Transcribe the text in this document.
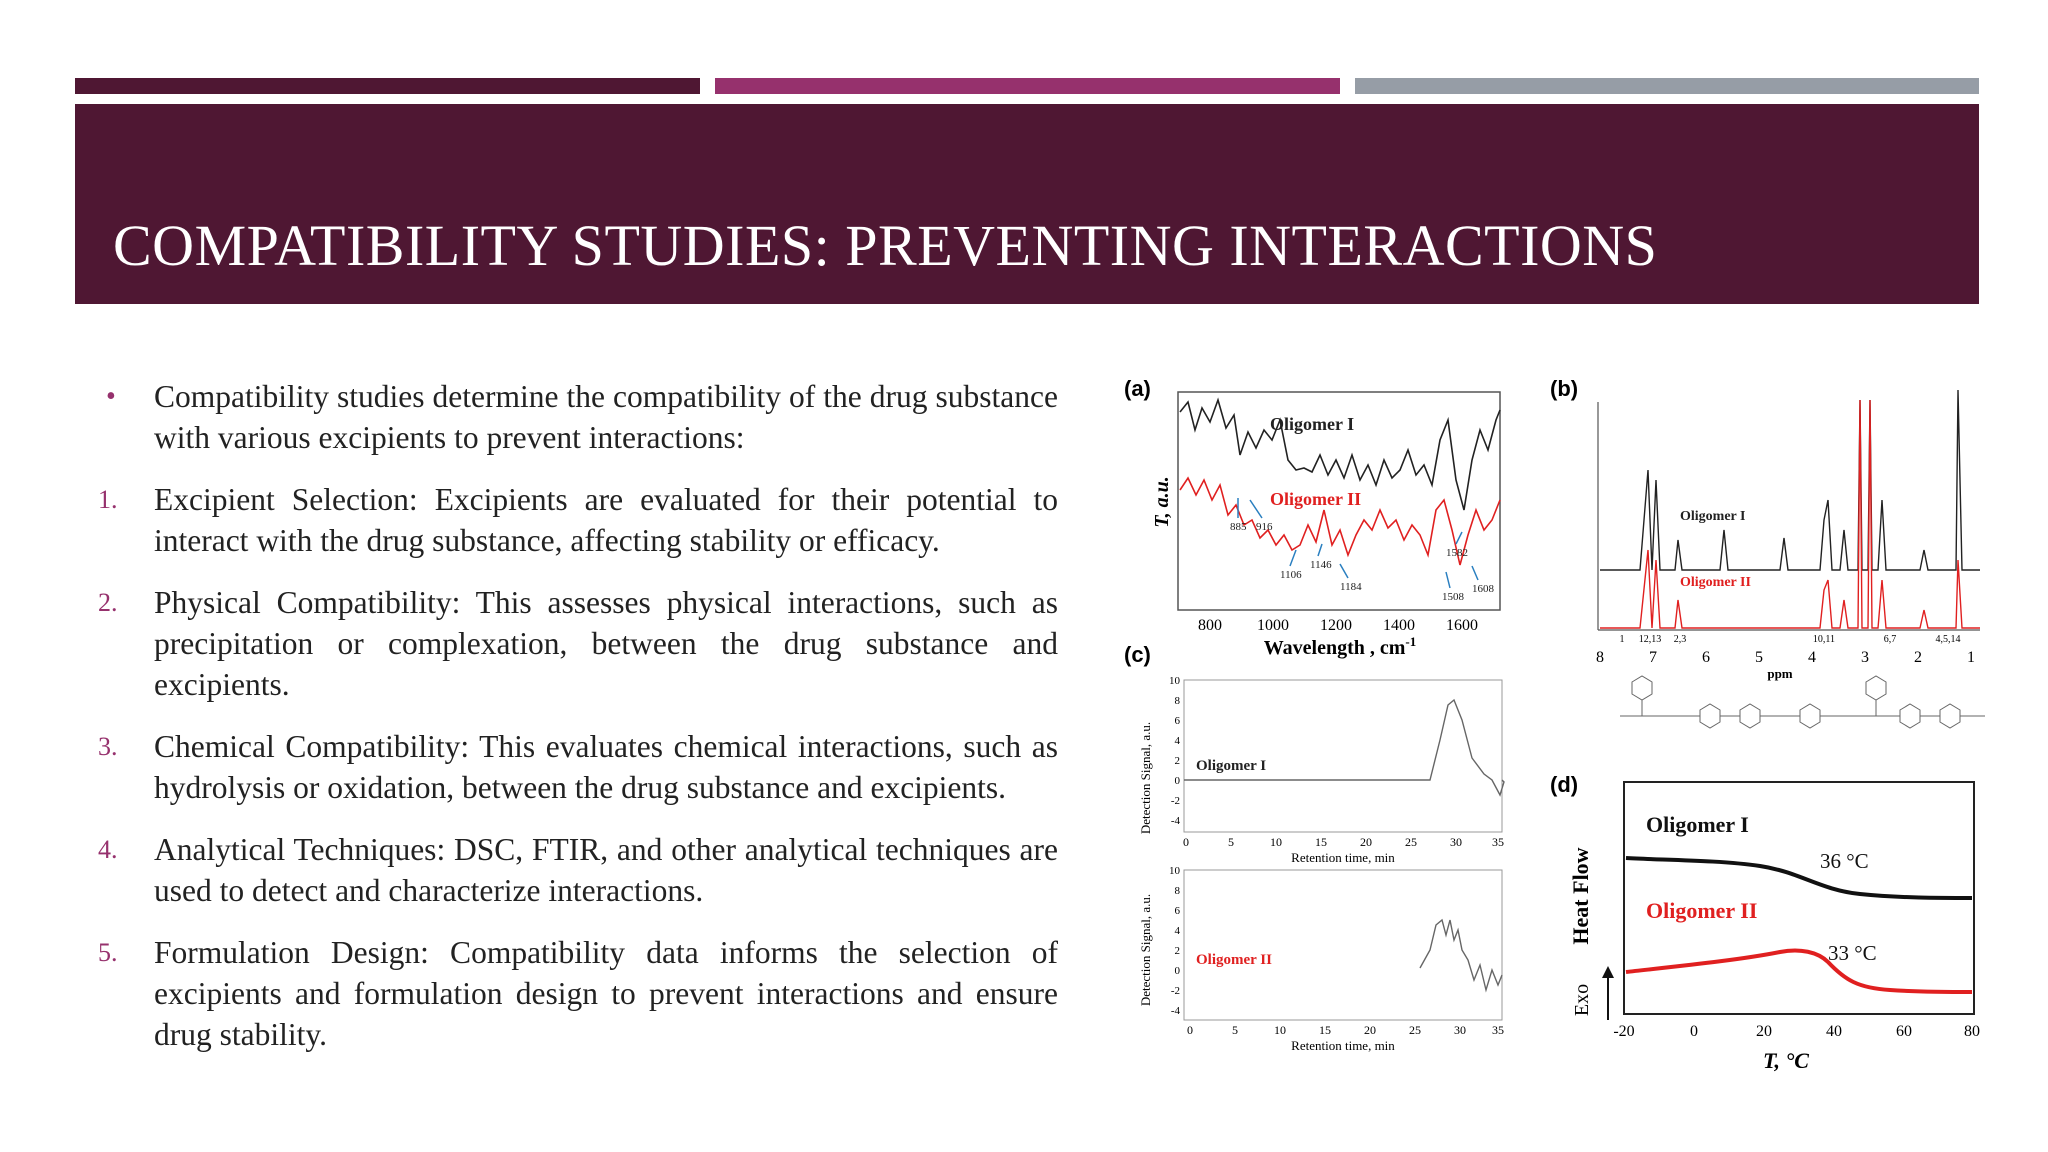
COMPATIBILITY STUDIES: PREVENTING INTERACTIONS
• Compatibility studies determine the compatibility of the drug substance with various excipients to prevent interactions:
1. Excipient Selection: Excipients are evaluated for their potential to interact with the drug substance, affecting stability or efficacy.
2. Physical Compatibility: This assesses physical interactions, such as precipitation or complexation, between the drug substance and excipients.
3. Chemical Compatibility: This evaluates chemical interactions, such as hydrolysis or oxidation, between the drug substance and excipients.
4. Analytical Techniques: DSC, FTIR, and other analytical techniques are used to detect and characterize interactions.
5. Formulation Design: Compatibility data informs the selection of excipients and formulation design to prevent interactions and ensure drug stability.
(a)
Oligomer I
Oligomer II
T, a.u.
800 1000 1200 1400 1600
Wavelength , $cm^{-1}$
885 916
1106
1146
1184
1508
1582
1608
(b)
Oligomer I
Oligomer II
1 12,13 2,3	10,11	6,7	4,5,14
8	7	6	5	4	3	2	1
ppm
(c)
Oligomer I
Oligomer II
Detection Signal, a.u.
Detection Signal, a.u.
10
8
6
4
2
0
-2
-4
10
8
6
4
2
0
-2
-4
0	5	10	15	20	25	30	35
Retention time, min
0	5	10	15	20	25	30 35
Retention time, min
(d)
Oligomer I
Oligomer II
36 °C
33 °C
Exo
Heat Flow
-20	0	20	40	60	80
T, °C
